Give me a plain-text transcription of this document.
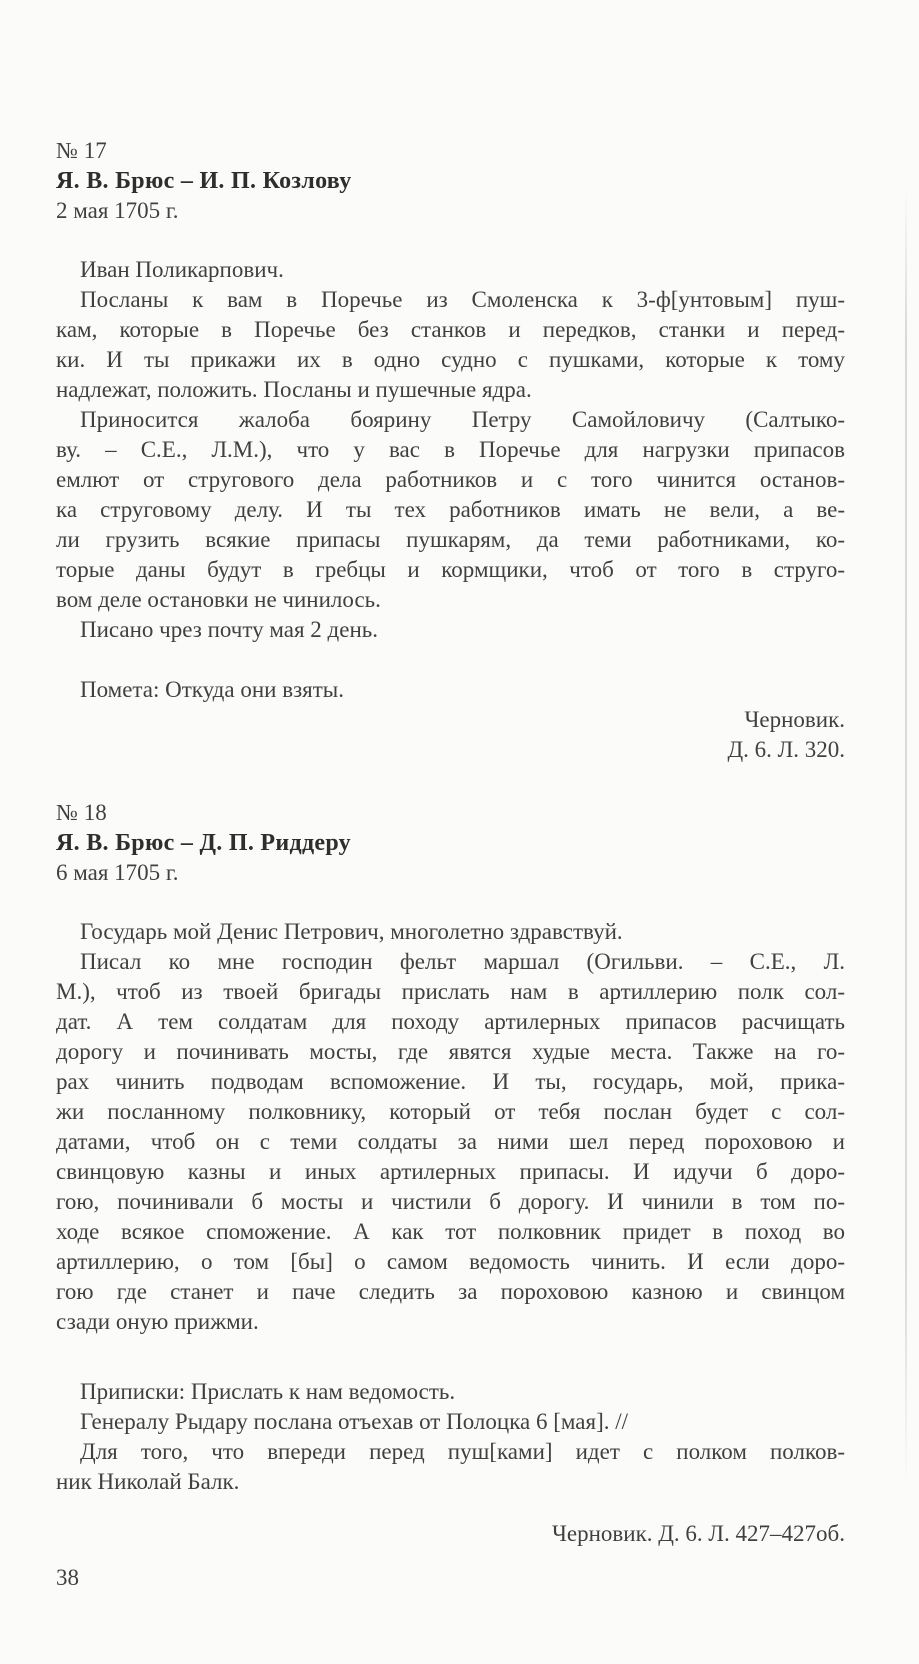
№ 17
Я. В. Брюс – И. П. Козлову
2 мая 1705 г.
Иван Поликарпович.
Посланы к вам в Поречье из Смоленска к 3-ф[унтовым] пуш-
кам, которые в Поречье без станков и передков, станки и перед-
ки. И ты прикажи их в одно судно с пушками, которые к тому
надлежат, положить. Посланы и пушечные ядра.
Приносится жалоба боярину Петру Самойловичу (Салтыко-
ву. – С.Е., Л.М.), что у вас в Поречье для нагрузки припасов
емлют от стругового дела работников и с того чинится останов-
ка струговому делу. И ты тех работников имать не вели, а ве-
ли грузить всякие припасы пушкарям, да теми работниками, ко-
торые даны будут в гребцы и кормщики, чтоб от того в струго-
вом деле остановки не чинилось.
Писано чрез почту мая 2 день.
Помета: Откуда они взяты.
Черновик.
Д. 6. Л. 320.
№ 18
Я. В. Брюс – Д. П. Риддеру
6 мая 1705 г.
Государь мой Денис Петрович, многолетно здравствуй.
Писал ко мне господин фельт маршал (Огильви. – С.Е., Л.
М.), чтоб из твоей бригады прислать нам в артиллерию полк сол-
дат. А тем солдатам для походу артилерных припасов расчищать
дорогу и починивать мосты, где явятся худые места. Также на го-
рах чинить подводам вспоможение. И ты, государь, мой, прика-
жи посланному полковнику, который от тебя послан будет с сол-
датами, чтоб он с теми солдаты за ними шел перед пороховою и
свинцовую казны и иных артилерных припасы. И идучи б доро-
гою, починивали б мосты и чистили б дорогу. И чинили в том по-
ходе всякое споможение. А как тот полковник придет в поход во
артиллерию, о том [бы] о самом ведомость чинить. И если доро-
гою где станет и паче следить за пороховою казною и свинцом
сзади оную прижми.
Приписки: Прислать к нам ведомость.
Генералу Рыдару послана отъехав от Полоцка 6 [мая]. //
Для того, что впереди перед пуш[ками] идет с полком полков-
ник Николай Балк.
Черновик. Д. 6. Л. 427–427об.
38
